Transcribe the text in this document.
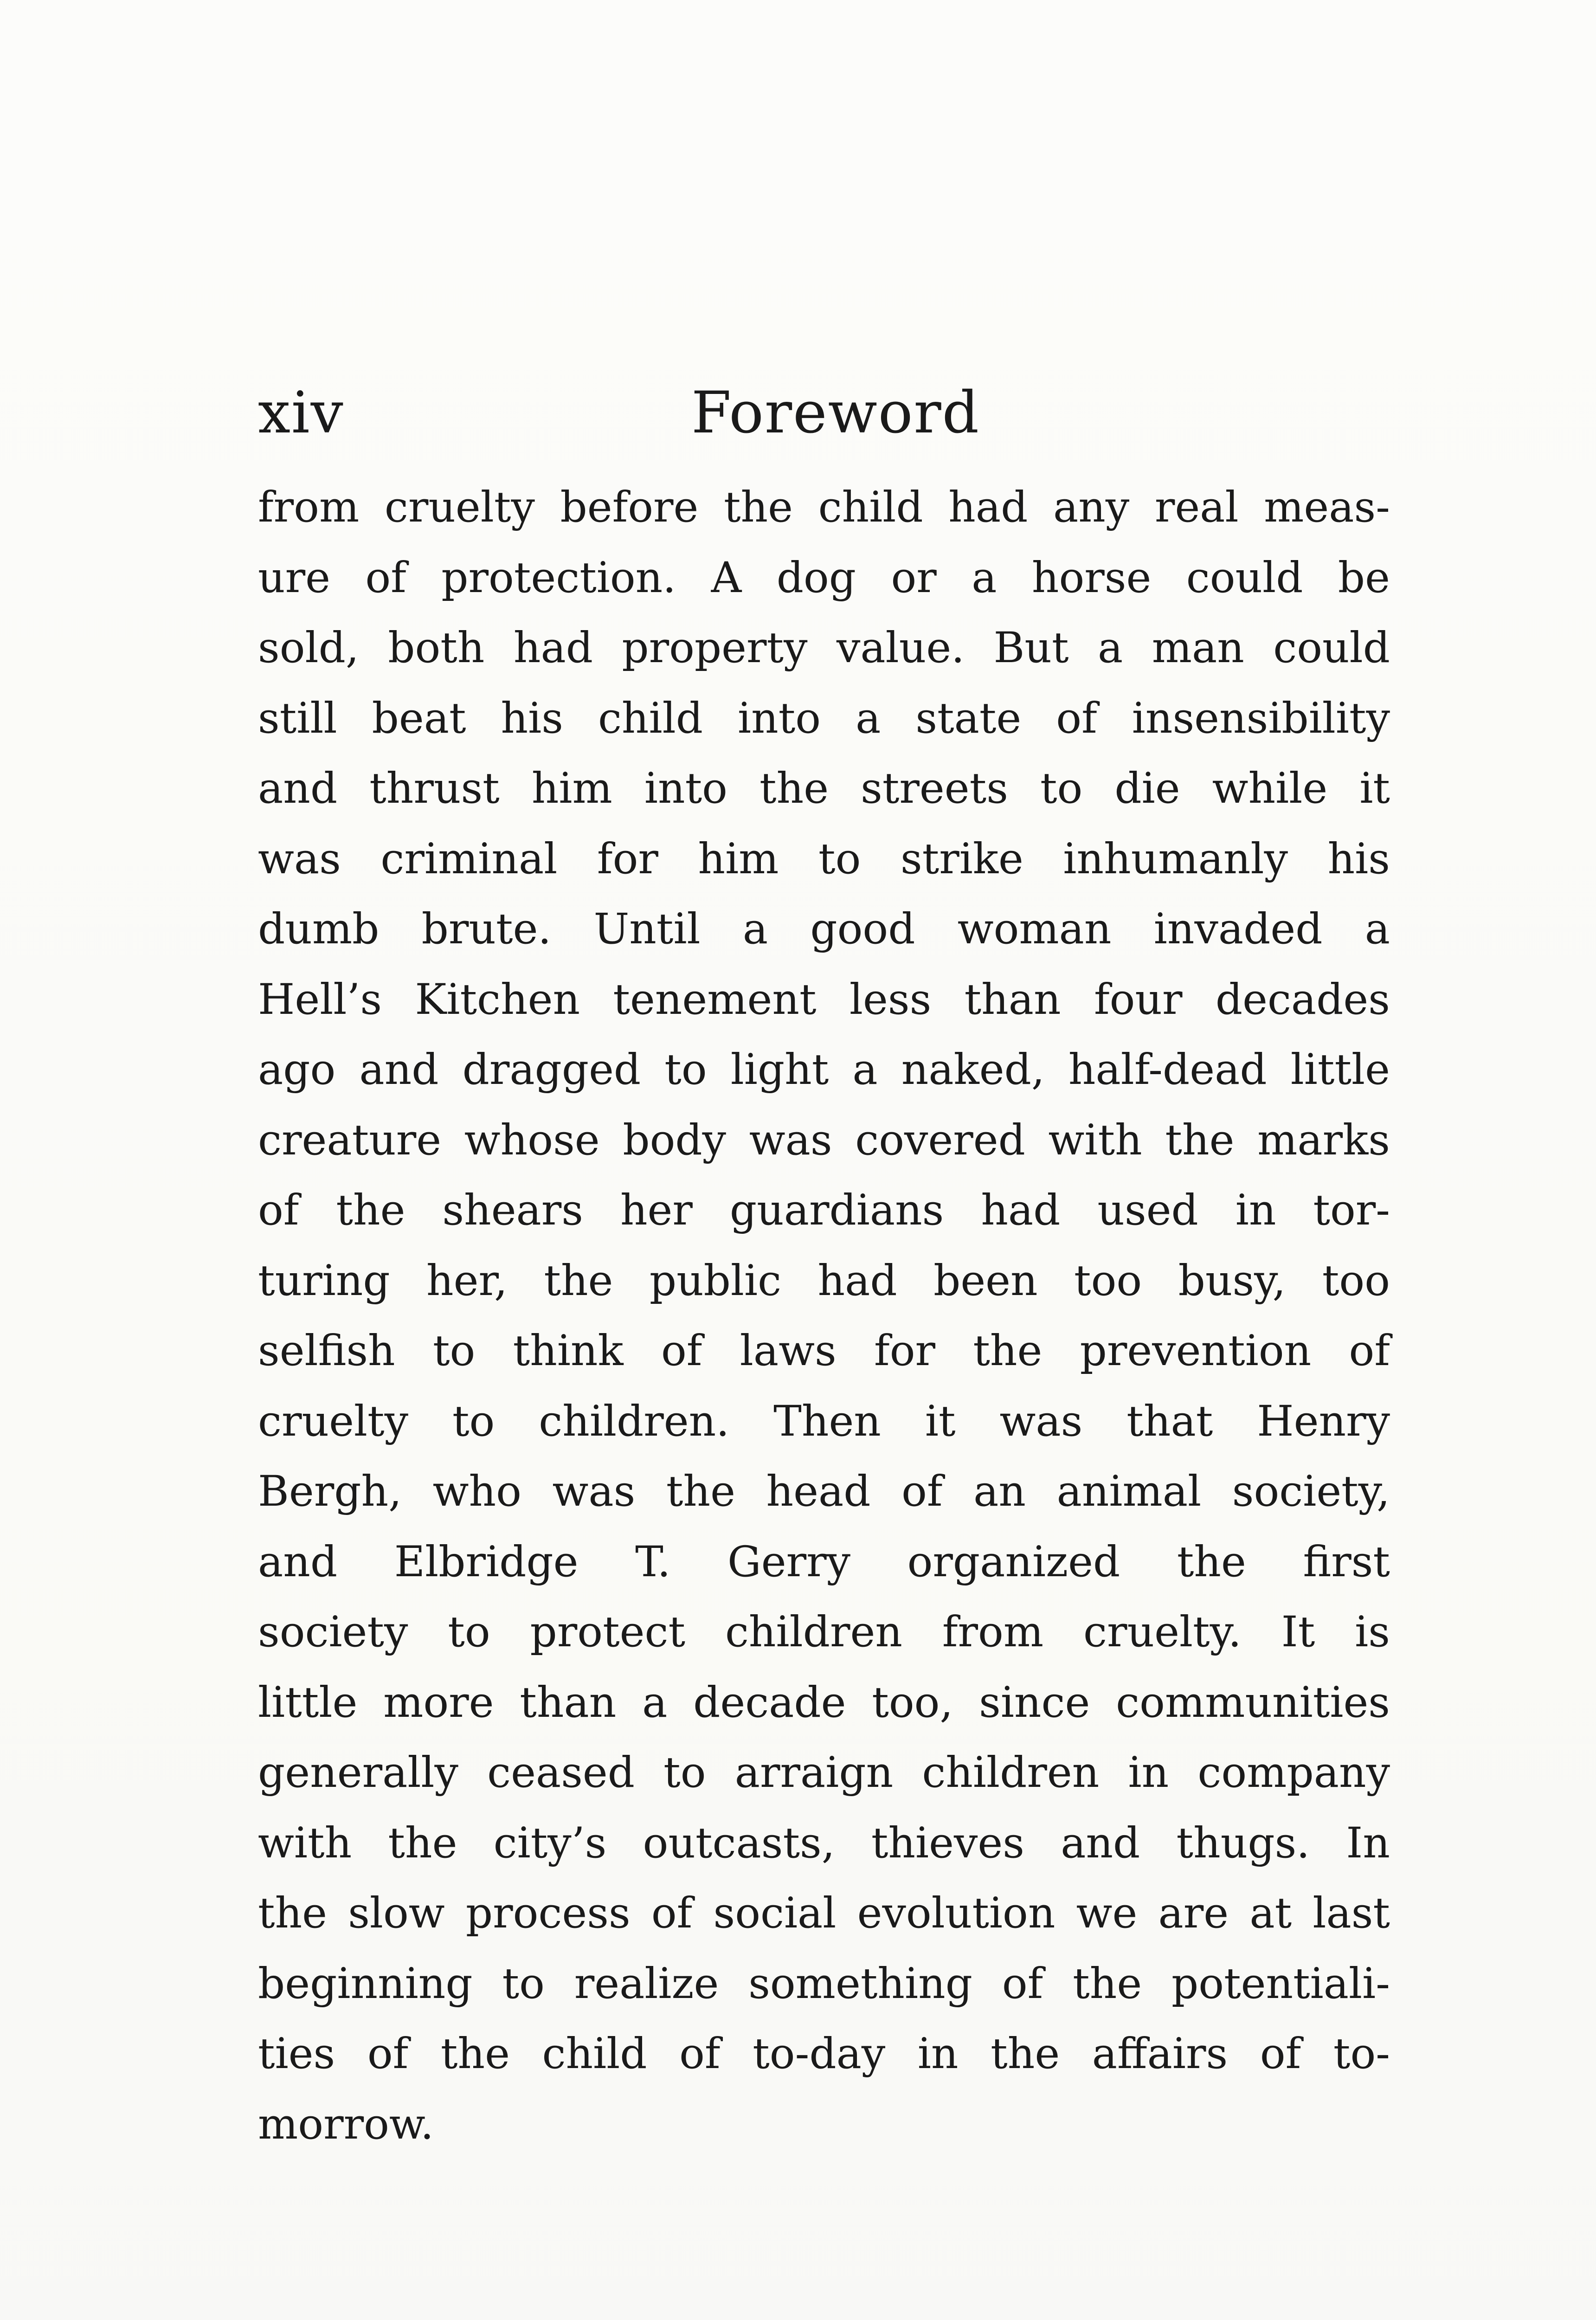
xiv	Foreword
from cruelty before the child had any real meas-
ure of protection. A dog or a horse could be
sold, both had property value. But a man could
still beat his child into a state of insensibility
and thrust him into the streets to die while it
was criminal for him to strike inhumanly his
dumb brute. Until a good woman invaded a
Hell’s Kitchen tenement less than four decades
ago and dragged to light a naked, half-dead little
creature whose body was covered with the marks
of the shears her guardians had used in tor-
turing her, the public had been too busy, too
selfish to think of laws for the prevention of
cruelty to children. Then it was that Henry
Bergh, who was the head of an animal society,
and Elbridge T. Gerry organized the first
society to protect children from cruelty. It is
little more than a decade too, since communities
generally ceased to arraign children in company
with the city’s outcasts, thieves and thugs. In
the slow process of social evolution we are at last
beginning to realize something of the potentiali-
ties of the child of to-day in the affairs of to-
morrow.
